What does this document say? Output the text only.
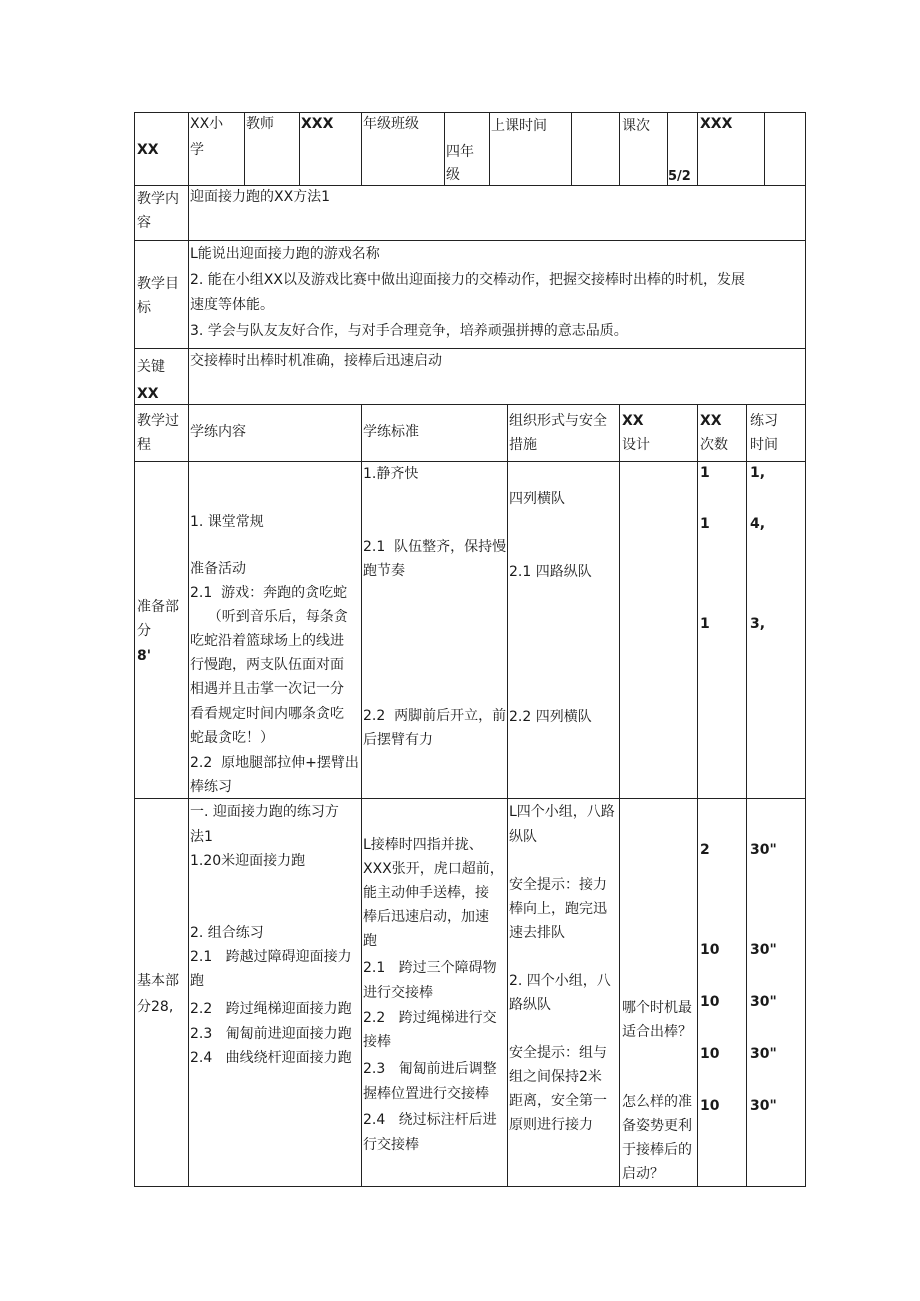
XX
XX小
学
教师 XXX 年级班级
四年
级
上课时间	课次
5/2
XXX
教学内
容
迎面接力跑的XX方法1
教学目
标
L能说出迎面接力跑的游戏名称
2. 能在小组XX以及游戏比赛中做出迎面接力的交棒动作，把握交接棒时出棒的时机，发展
速度等体能。
3. 学会与队友友好合作，与对手合理竞争，培养顽强拼搏的意志品质。
关键
XX
交接棒时出棒时机准确，接棒后迅速启动
教学过
程
学练内容	学练标准
组织形式与安全
措施
XX
设计
XX
次数
练习
时间
准备部
分
8'
1. 课堂常规
准备活动
2.1  游戏：奔跑的贪吃蛇
（听到音乐后，每条贪
吃蛇沿着篮球场上的线进
行慢跑，两支队伍面对面
相遇并且击掌一次记一分
看看规定时间内哪条贪吃
蛇最贪吃！）
2.2  原地腿部拉伸+摆臂出
棒练习
1.静齐快
2.1  队伍整齐，保持慢
跑节奏
2.2  两脚前后开立，前
后摆臂有力
四列横队
2.1 四路纵队
2.2 四列横队
1
1
1
1,
4,
3,
基本部
分28,
一. 迎面接力跑的练习方
法1
1.20米迎面接力跑
2. 组合练习
2.1   跨越过障碍迎面接力
跑
2.2   跨过绳梯迎面接力跑
2.3   匍匐前进迎面接力跑
2.4   曲线绕杆迎面接力跑
L接棒时四指并拢、
XXX张开，虎口超前，
能主动伸手送棒，接
棒后迅速启动，加速
跑
2.1   跨过三个障碍物
进行交接棒
2.2   跨过绳梯进行交
接棒
2.3   匍匐前进后调整
握棒位置进行交接棒
2.4   绕过标注杆后进
行交接棒
L四个小组，八路
纵队
安全提示：接力
棒向上，跑完迅
速去排队
2. 四个小组，八
路纵队
安全提示：组与
组之间保持2米
距离，安全第一
原则进行接力
哪个时机最
适合出棒？
怎么样的准
备姿势更利
于接棒后的
启动？
2
10
10
10
10
30"
30"
30"
30"
30"
